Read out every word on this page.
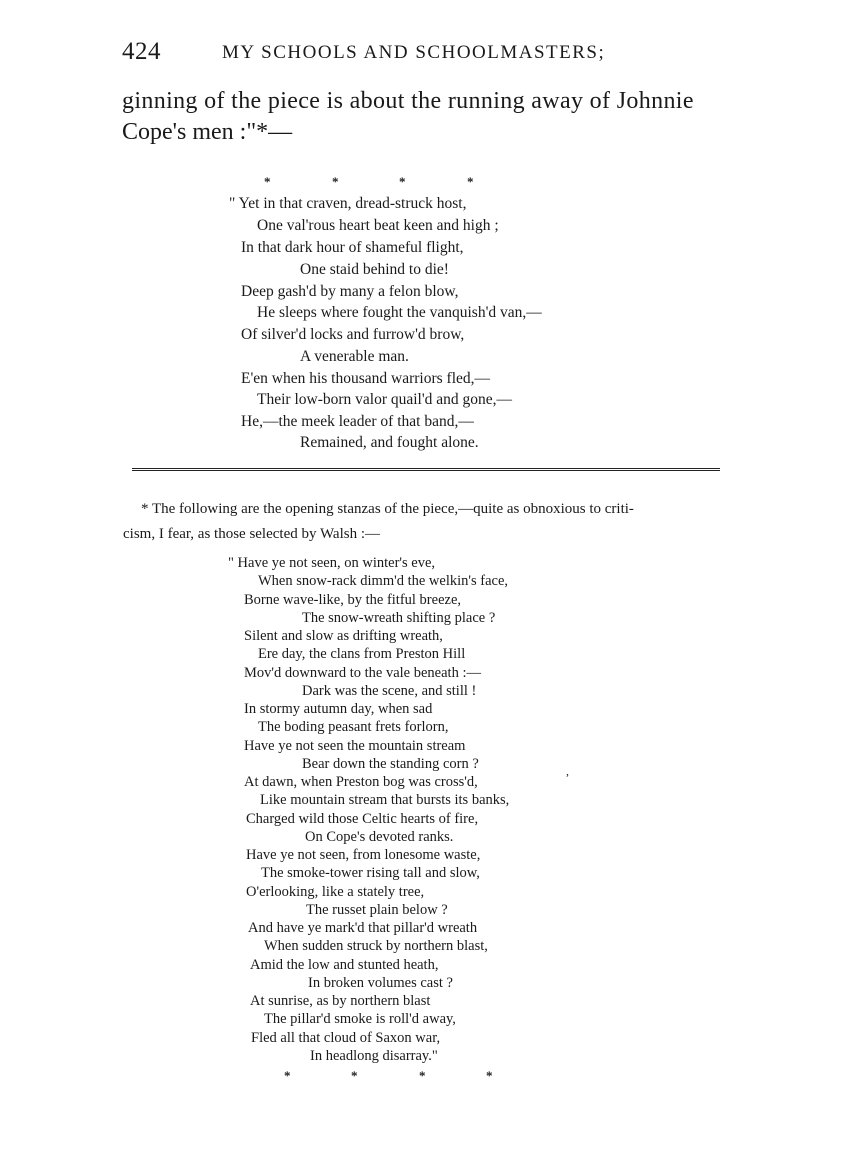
424	MY SCHOOLS AND SCHOOLMASTERS;
ginning of the piece is about the running away of Johnnie
Cope's men :"*—
*	*	*	*
" Yet in that craven, dread-struck host,
One val'rous heart beat keen and high ;
In that dark hour of shameful flight,
One staid behind to die!
Deep gash'd by many a felon blow,
He sleeps where fought the vanquish'd van,—
Of silver'd locks and furrow'd brow,
A venerable man.
E'en when his thousand warriors fled,—
Their low-born valor quail'd and gone,—
He,—the meek leader of that band,—
Remained, and fought alone.
* The following are the opening stanzas of the piece,—quite as obnoxious to criti-
cism, I fear, as those selected by Walsh :—
" Have ye not seen, on winter's eve,
When snow-rack dimm'd the welkin's face,
Borne wave-like, by the fitful breeze,
The snow-wreath shifting place ?
Silent and slow as drifting wreath,
Ere day, the clans from Preston Hill
Mov'd downward to the vale beneath :—
Dark was the scene, and still !
In stormy autumn day, when sad
The boding peasant frets forlorn,
Have ye not seen the mountain stream
Bear down the standing corn ?
At dawn, when Preston bog was cross'd,
Like mountain stream that bursts its banks,
Charged wild those Celtic hearts of fire,
On Cope's devoted ranks.
Have ye not seen, from lonesome waste,
The smoke-tower rising tall and slow,
O'erlooking, like a stately tree,
The russet plain below ?
And have ye mark'd that pillar'd wreath
When sudden struck by northern blast,
Amid the low and stunted heath,
In broken volumes cast ?
At sunrise, as by northern blast
The pillar'd smoke is roll'd away,
Fled all that cloud of Saxon war,
In headlong disarray."
,
*	*	*	*
